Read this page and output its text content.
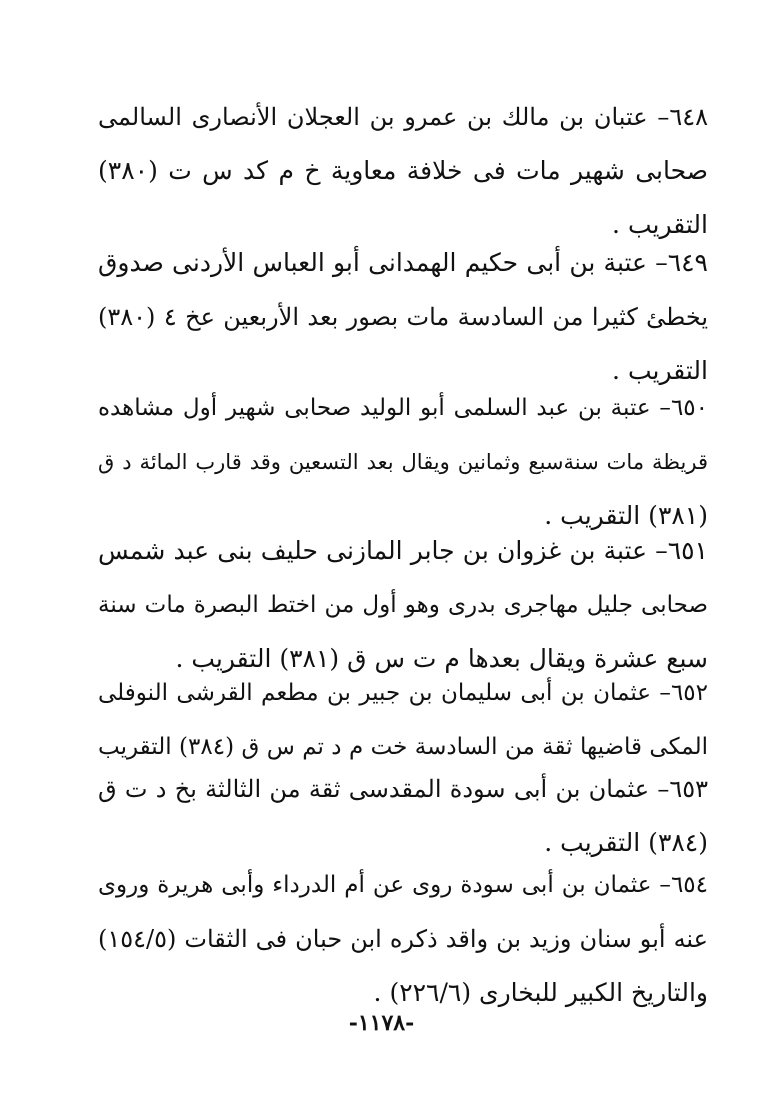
٦٤٨– عتبان بن مالك بن عمرو بن العجلان الأنصارى السالمى
صحابى شهير مات فى خلافة معاوية خ م كد س ت (٣٨٠)
التقريب .
٦٤٩– عتبة بن أبى حكيم الهمدانى أبو العباس الأردنى صدوق
يخطئ كثيرا من السادسة مات بصور بعد الأربعين عخ ٤ (٣٨٠)
التقريب .
٦٥٠– عتبة بن عبد السلمى أبو الوليد صحابى شهير أول مشاهده
قريظة مات سنةسبع وثمانين ويقال بعد التسعين وقد قارب المائة د ق
(٣٨١) التقريب .
٦٥١– عتبة بن غزوان بن جابر المازنى حليف بنى عبد شمس
صحابى جليل مهاجرى بدرى وهو أول من اختط البصرة مات سنة
سبع عشرة ويقال بعدها م ت س ق (٣٨١) التقريب .
٦٥٢– عثمان بن أبى سليمان بن جبير بن مطعم القرشى النوفلى
المكى قاضيها ثقة من السادسة خت م د تم س ق (٣٨٤) التقريب
٦٥٣– عثمان بن أبى سودة المقدسى ثقة من الثالثة بخ د ت ق
(٣٨٤) التقريب .
٦٥٤– عثمان بن أبى سودة روى عن أم الدرداء وأبى هريرة وروى
عنه أبو سنان وزيد بن واقد ذكره ابن حبان فى الثقات (١٥٤/٥)
والتاريخ الكبير للبخارى (٢٢٦/٦) .
-١١٧٨-
